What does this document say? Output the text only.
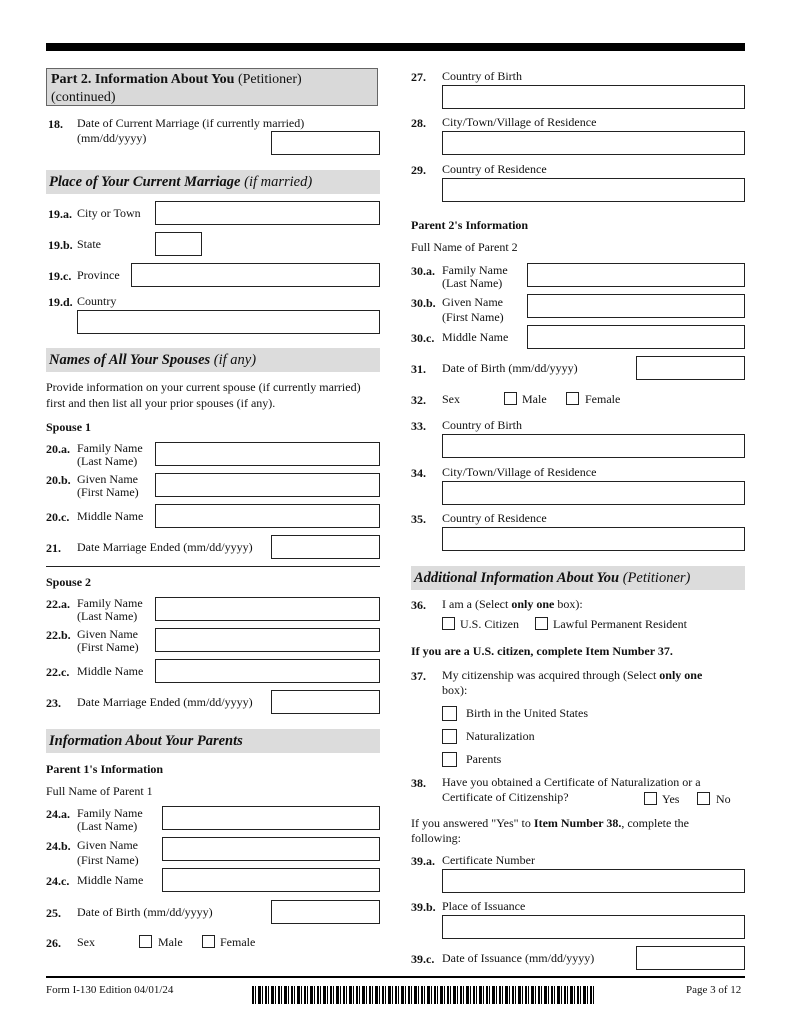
Part 2. Information About You (Petitioner)
(continued)
18. Date of Current Marriage (if currently married)
(mm/dd/yyyy)
Place of Your Current Marriage (if married)
19.a. City or Town
19.b. State
19.c. Province
19.d. Country
Names of All Your Spouses (if any)
Provide information on your current spouse (if currently married)
first and then list all your prior spouses (if any).
Spouse 1
20.a. Family Name
(Last Name)
20.b. Given Name
(First Name)
20.c. Middle Name
21. Date Marriage Ended (mm/dd/yyyy)
Spouse 2
22.a. Family Name
(Last Name)
22.b. Given Name
(First Name)
22.c. Middle Name
23. Date Marriage Ended (mm/dd/yyyy)
Information About Your Parents
Parent 1's Information
Full Name of Parent 1
24.a. Family Name
(Last Name)
24.b. Given Name
(First Name)
24.c. Middle Name
25. Date of Birth (mm/dd/yyyy)
26. Sex	Male	Female
27. Country of Birth
28. City/Town/Village of Residence
29. Country of Residence
Parent 2's Information
Full Name of Parent 2
30.a. Family Name
(Last Name)
30.b. Given Name
(First Name)
30.c. Middle Name
31. Date of Birth (mm/dd/yyyy)
32. Sex	Male	Female
33. Country of Birth
34. City/Town/Village of Residence
35. Country of Residence
Additional Information About You (Petitioner)
36. I am a (Select only one box):
U.S. Citizen	Lawful Permanent Resident
If you are a U.S. citizen, complete Item Number 37.
37. My citizenship was acquired through (Select only one
box):
Birth in the United States
Naturalization
Parents
38. Have you obtained a Certificate of Naturalization or a
Certificate of Citizenship?	Yes	No
If you answered "Yes" to Item Number 38., complete the
following:
39.a. Certificate Number
39.b. Place of Issuance
39.c. Date of Issuance (mm/dd/yyyy)
Form I-130 Edition 04/01/24	Page 3 of 12
